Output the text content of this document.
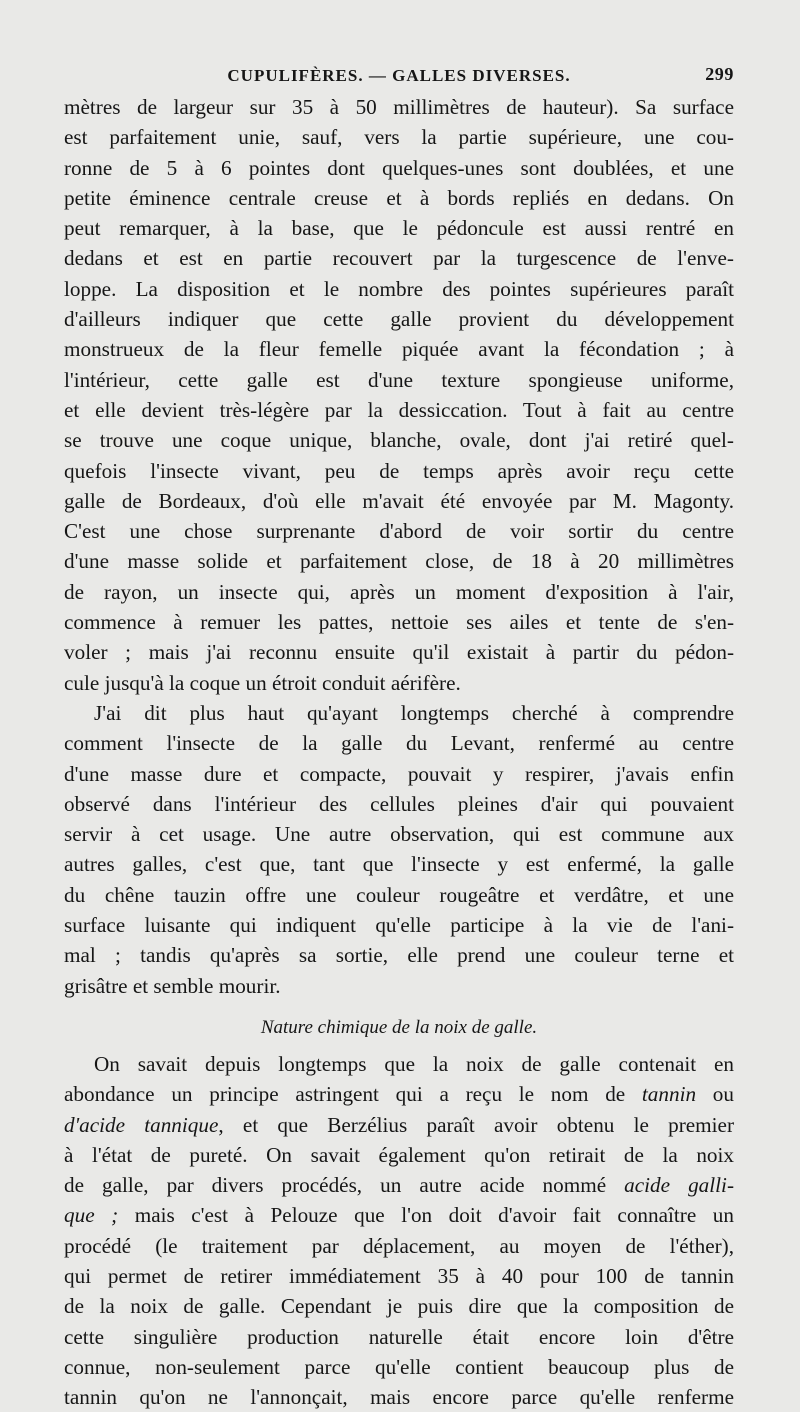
CUPULIFÈRES. — GALLES DIVERSES.	299
mètres de largeur sur 35 à 50 millimètres de hauteur). Sa surface
est parfaitement unie, sauf, vers la partie supérieure, une cou-
ronne de 5 à 6 pointes dont quelques-unes sont doublées, et une
petite éminence centrale creuse et à bords repliés en dedans. On
peut remarquer, à la base, que le pédoncule est aussi rentré en
dedans et est en partie recouvert par la turgescence de l'enve-
loppe. La disposition et le nombre des pointes supérieures paraît
d'ailleurs indiquer que cette galle provient du développement
monstrueux de la fleur femelle piquée avant la fécondation ; à
l'intérieur, cette galle est d'une texture spongieuse uniforme,
et elle devient très-légère par la dessiccation. Tout à fait au centre
se trouve une coque unique, blanche, ovale, dont j'ai retiré quel-
quefois l'insecte vivant, peu de temps après avoir reçu cette
galle de Bordeaux, d'où elle m'avait été envoyée par M. Magonty.
C'est une chose surprenante d'abord de voir sortir du centre
d'une masse solide et parfaitement close, de 18 à 20 millimètres
de rayon, un insecte qui, après un moment d'exposition à l'air,
commence à remuer les pattes, nettoie ses ailes et tente de s'en-
voler ; mais j'ai reconnu ensuite qu'il existait à partir du pédon-
cule jusqu'à la coque un étroit conduit aérifère.
J'ai dit plus haut qu'ayant longtemps cherché à comprendre
comment l'insecte de la galle du Levant, renfermé au centre
d'une masse dure et compacte, pouvait y respirer, j'avais enfin
observé dans l'intérieur des cellules pleines d'air qui pouvaient
servir à cet usage. Une autre observation, qui est commune aux
autres galles, c'est que, tant que l'insecte y est enfermé, la galle
du chêne tauzin offre une couleur rougeâtre et verdâtre, et une
surface luisante qui indiquent qu'elle participe à la vie de l'ani-
mal ; tandis qu'après sa sortie, elle prend une couleur terne et
grisâtre et semble mourir.
Nature chimique de la noix de galle.
On savait depuis longtemps que la noix de galle contenait en
abondance un principe astringent qui a reçu le nom de tannin ou
d'acide tannique, et que Berzélius paraît avoir obtenu le premier
à l'état de pureté. On savait également qu'on retirait de la noix
de galle, par divers procédés, un autre acide nommé acide galli-
que ; mais c'est à Pelouze que l'on doit d'avoir fait connaître un
procédé (le traitement par déplacement, au moyen de l'éther),
qui permet de retirer immédiatement 35 à 40 pour 100 de tannin
de la noix de galle. Cependant je puis dire que la composition de
cette singulière production naturelle était encore loin d'être
connue, non-seulement parce qu'elle contient beaucoup plus de
tannin qu'on ne l'annonçait, mais encore parce qu'elle renferme
